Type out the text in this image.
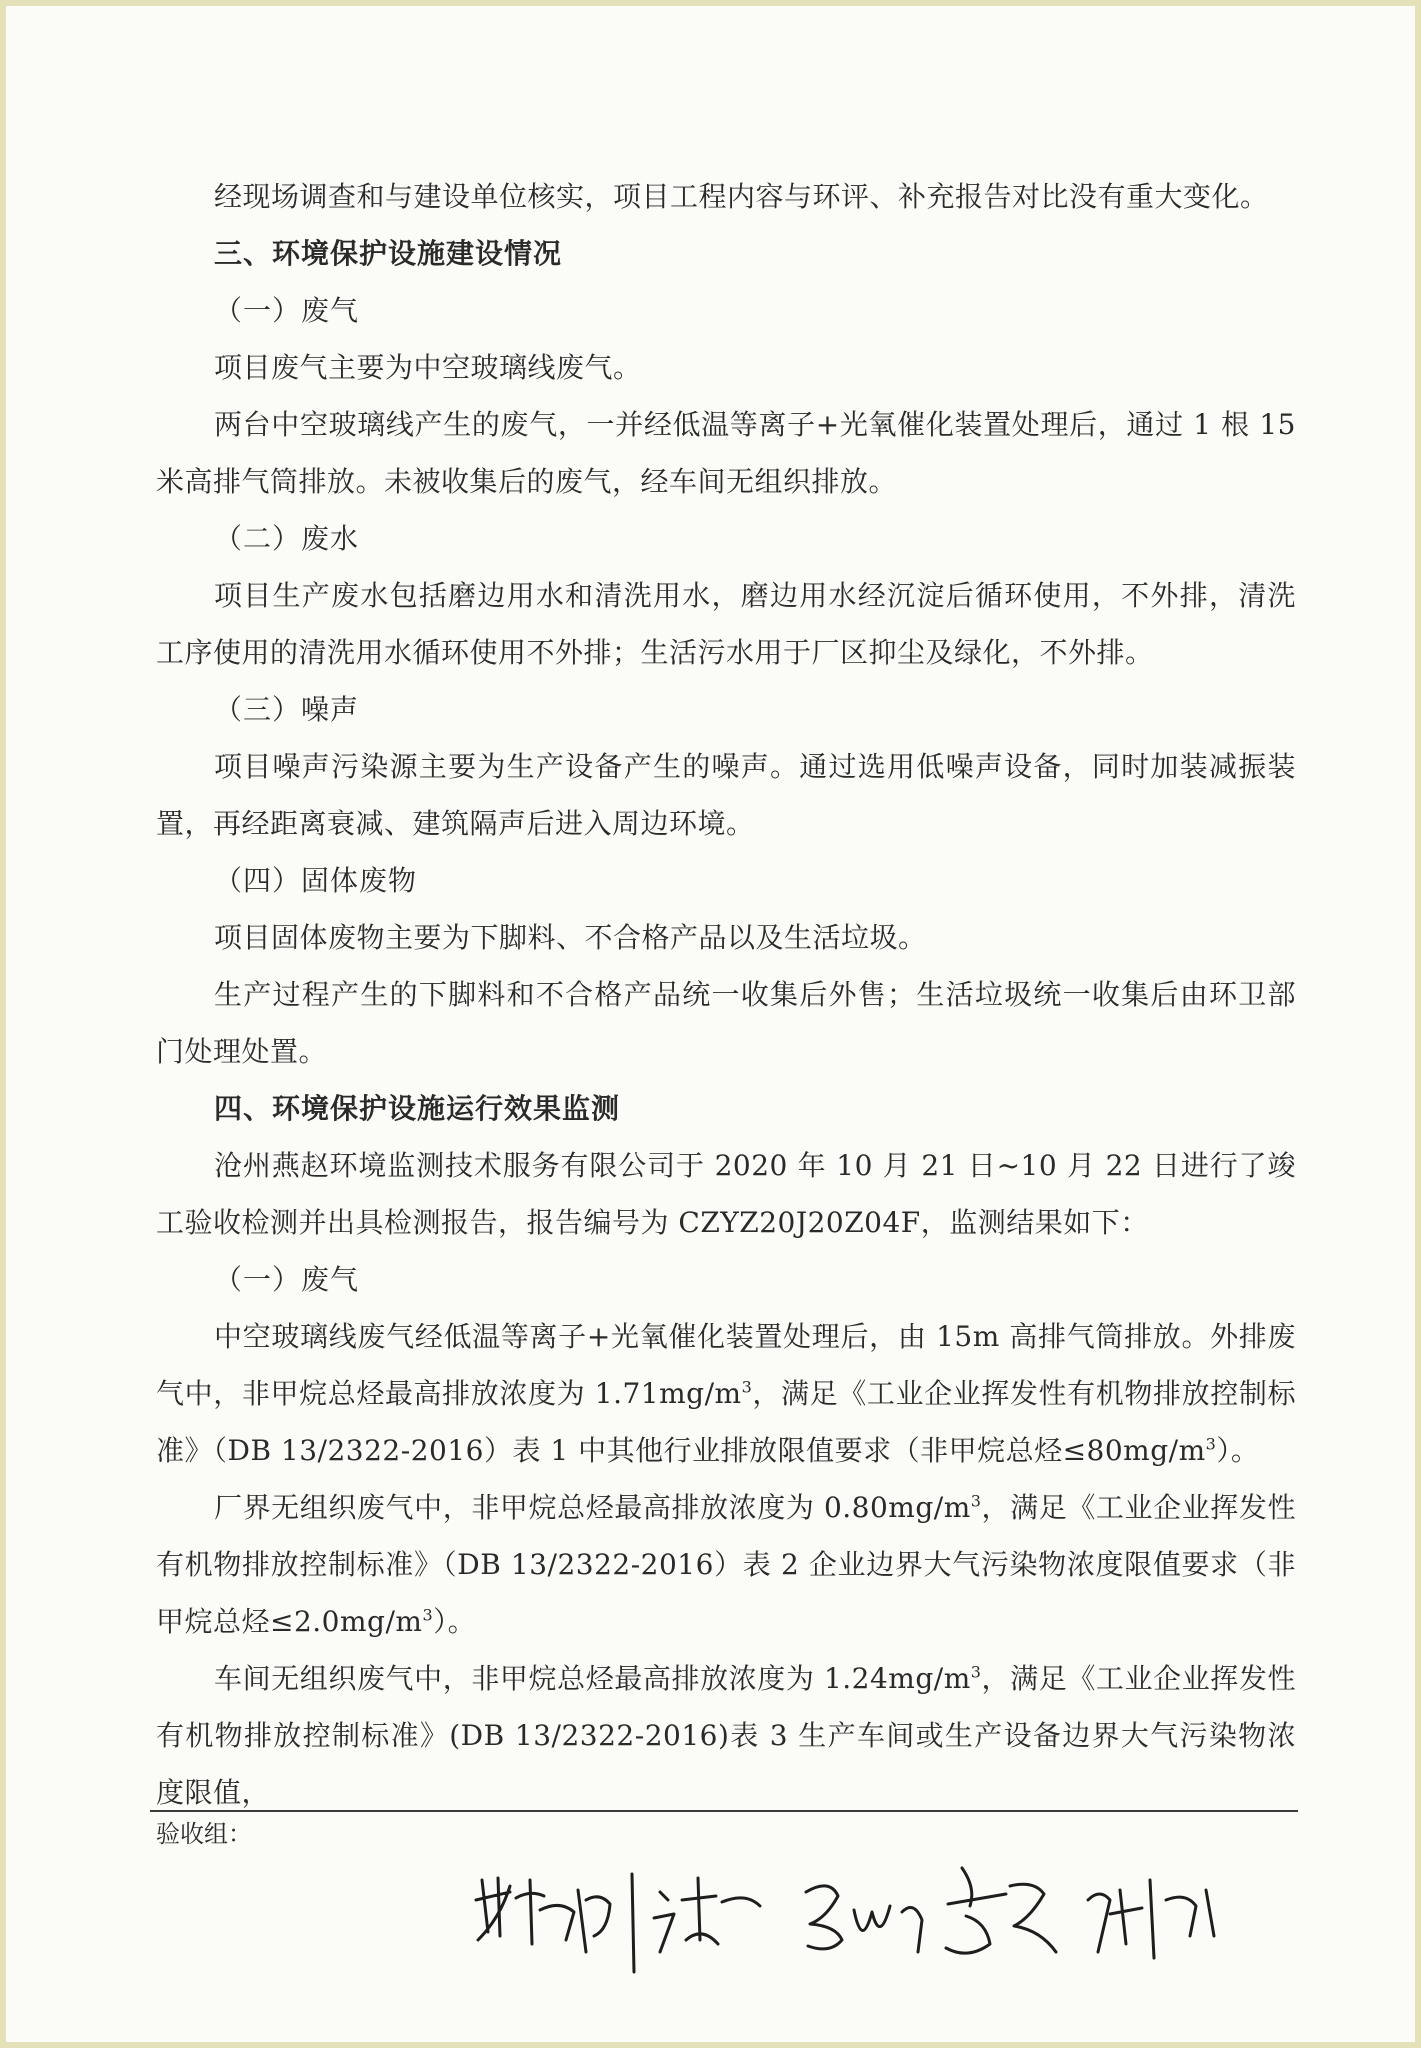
经现场调查和与建设单位核实，项目工程内容与环评、补充报告对比没有重大变化。

三、环境保护设施建设情况

（一）废气

项目废气主要为中空玻璃线废气。

两台中空玻璃线产生的废气，一并经低温等离子+光氧催化装置处理后，通过 1 根 15 米高排气筒排放。未被收集后的废气，经车间无组织排放。

（二）废水

项目生产废水包括磨边用水和清洗用水，磨边用水经沉淀后循环使用，不外排，清洗工序使用的清洗用水循环使用不外排；生活污水用于厂区抑尘及绿化，不外排。

（三）噪声

项目噪声污染源主要为生产设备产生的噪声。通过选用低噪声设备，同时加装减振装置，再经距离衰减、建筑隔声后进入周边环境。

（四）固体废物

项目固体废物主要为下脚料、不合格产品以及生活垃圾。

生产过程产生的下脚料和不合格产品统一收集后外售；生活垃圾统一收集后由环卫部门处理处置。

四、环境保护设施运行效果监测

沧州燕赵环境监测技术服务有限公司于 2020 年 10 月 21 日~10 月 22 日进行了竣工验收检测并出具检测报告，报告编号为 CZYZ20J20Z04F，监测结果如下：

（一）废气

中空玻璃线废气经低温等离子+光氧催化装置处理后，由 15m 高排气筒排放。外排废气中，非甲烷总烃最高排放浓度为 $1.71mg/m^3$，满足《工业企业挥发性有机物排放控制标准》（DB 13/2322-2016）表 1 中其他行业排放限值要求（非甲烷总烃$\le 80mg/m^3$）。

厂界无组织废气中，非甲烷总烃最高排放浓度为 $0.80mg/m^3$，满足《工业企业挥发性有机物排放控制标准》（DB 13/2322-2016）表 2 企业边界大气污染物浓度限值要求（非甲烷总烃$\le 2.0mg/m^3$）。

车间无组织废气中，非甲烷总烃最高排放浓度为 $1.24mg/m^3$，满足《工业企业挥发性有机物排放控制标准》(DB 13/2322-2016)表 3 生产车间或生产设备边界大气污染物浓度限值，

验收组：
